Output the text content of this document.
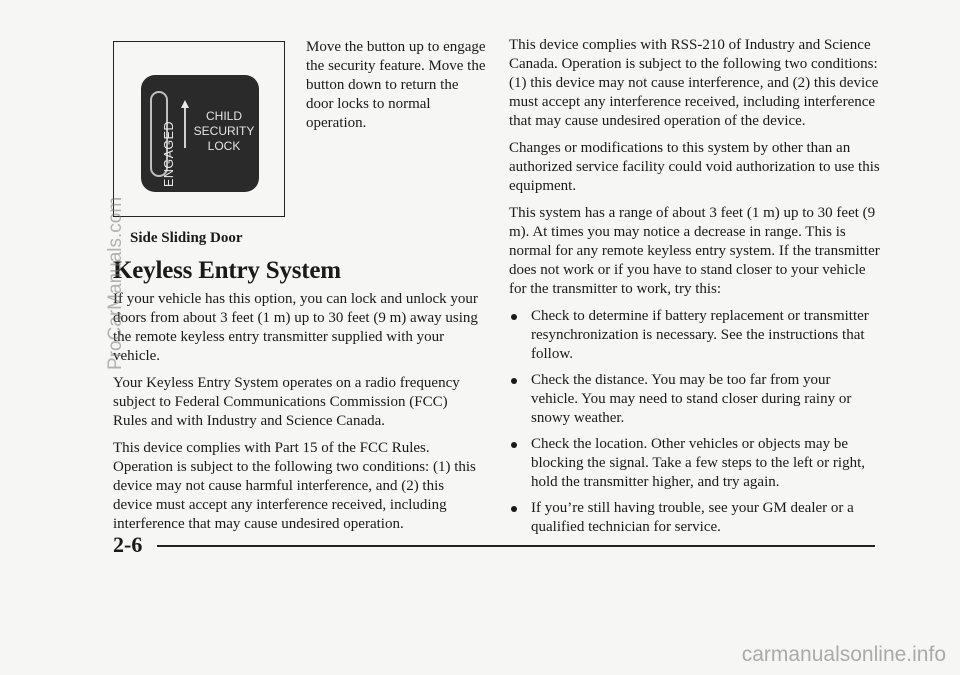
ENGAGED
CHILD
SECURITY
LOCK
Move the button up to engage the security feature. Move the button down to return the door locks to normal operation.
Side Sliding Door
Keyless Entry System

If your vehicle has this option, you can lock and unlock your doors from about 3 feet (1 m) up to 30 feet (9 m) away using the remote keyless entry transmitter supplied with your vehicle.

Your Keyless Entry System operates on a radio frequency subject to Federal Communications Commission (FCC) Rules and with Industry and Science Canada.

This device complies with Part 15 of the FCC Rules. Operation is subject to the following two conditions: (1) this device may not cause harmful interference, and (2) this device must accept any interference received, including interference that may cause undesired operation.

This device complies with RSS-210 of Industry and Science Canada. Operation is subject to the following two conditions: (1) this device may not cause interference, and (2) this device must accept any interference received, including interference that may cause undesired operation of the device.

Changes or modifications to this system by other than an authorized service facility could void authorization to use this equipment.

This system has a range of about 3 feet (1 m) up to 30 feet (9 m). At times you may notice a decrease in range. This is normal for any remote keyless entry system. If the transmitter does not work or if you have to stand closer to your vehicle for the transmitter to work, try this:

Check to determine if battery replacement or transmitter resynchronization is necessary. See the instructions that follow.
Check the distance. You may be too far from your vehicle. You may need to stand closer during rainy or snowy weather.
Check the location. Other vehicles or objects may be blocking the signal. Take a few steps to the left or right, hold the transmitter higher, and try again.
If you’re still having trouble, see your GM dealer or a qualified technician for service.
2-6
ProCarManuals.com
carmanualsonline.info
